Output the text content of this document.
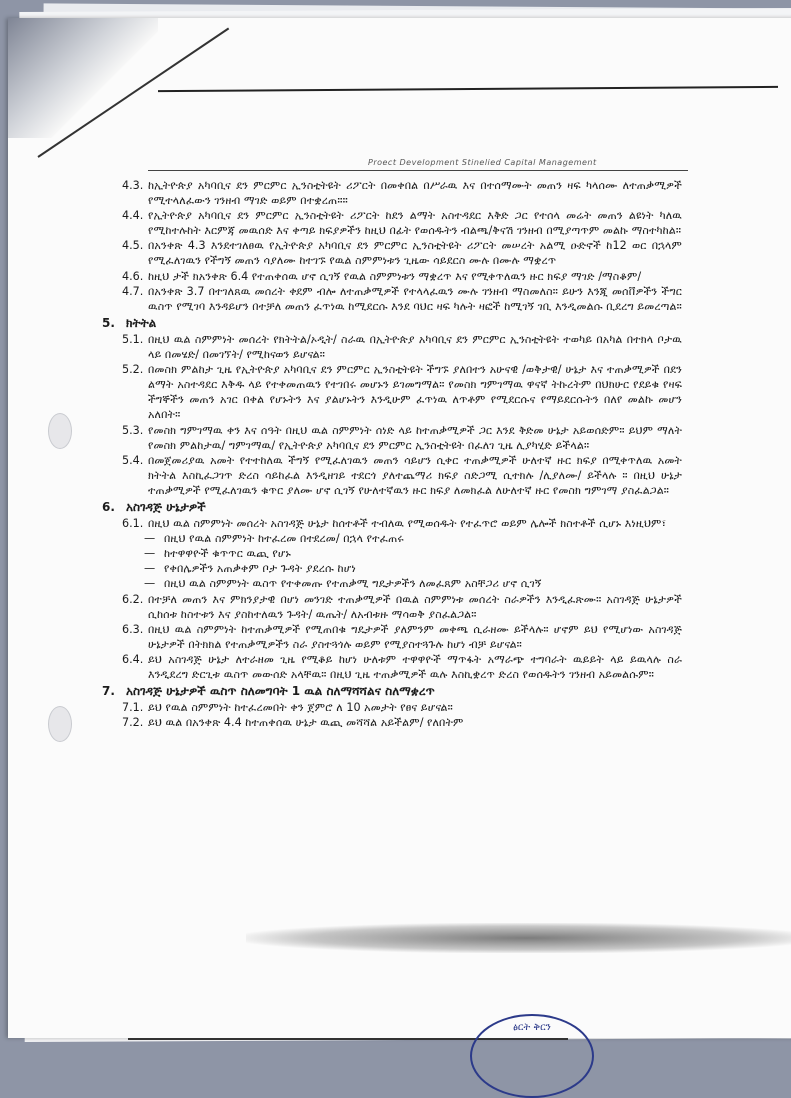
Proect Development Stinelied Capital Management
ፅርት ቅርን
4.3. ከኢትዮጵያ አካባቢና ደን ምርምር ኢንስቲትዩት ሪፖርት በመቀበል በሥራዉ እና በተሰማሙት መጠን ዛፍ ካላሰሙ ለተጠቃሚዎች የሚተላለፈውን ገንዘብ ማገድ ወይም በተቋረጠ።።
4.4. የኢትዮጵያ አካባቢና ደን ምርምር ኢንስቲትዩት ሪፖርት ከደን ልማት አስተዳደር እቅድ ጋር የተሰላ መሬት መጠን ልዩነት ካለዉ የሚከተሉከት እርምጃ መዉሰድ እና ቀጣይ ክፍያዎችን ከዚህ በፊት የወሰዱትን ብልጫ/ቅናሽ ገንዘብ በሚያጣጥም መልኩ ማስተካከል።
4.5. በአንቀጽ 4.3 እንደተገለፀዉ የኢትዮጵያ አካባቢና ደን ምርምር ኢንስቲትዩት ሪፖርት መሠረት አልሚ ዑድኖች ከ12 ወር በኋላም የሚፈለገዉን የችግኝ መጠን ሳያለሙ ከተገኙ የዉል ስምምነቱን ጊዜው ሳይደርስ ሙሉ በሙሉ ማቋረጥ
4.6. ከዚህ ታች ክአንቀጽ 6.4 የተጠቀሰዉ ሆኖ ሲገኝ የዉል ስምምነቱን ማቋረጥ እና የሚቀጥለዉን ዙር ክፍያ ማገድ /ማስቆም/
4.7. በአንቀጽ 3.7 በተገለጸዉ መሰረት ቀደም ብሎ ለተጠቃሚዎች የተላላፈዉን ሙሉ ገንዘብ ማስመለስ። ይሁን እንጂ መሰቨዎችን ችግር ዉስጥ የሚገባ እንዳይሆን በተቻለ መጠን ፈጥነዉ ከሚደርሱ እንደ ባህር ዛፍ ካሉት ዛፎች ከሚገኝ ገቢ እንዲመልሱ ቢደረግ ይመረጣል።
5. ክትትል
5.1. በዚህ ዉል ስምምነት መሰረት የክትትል/ኦዲት/ ስራዉ በኢትዮጵያ አካባቢና ደን ምርምር ኢንስቲትዩት ተወካይ በአካል በተክላ ቦታዉ ላይ በመሄድ/ በመገኘት/ የሚከናወን ይሆናል።
5.2. በመስክ ምልከታ ጊዜ የኢትዮጵያ አካባቢና ደን ምርምር ኢንስቲትዩት ችግኙ ያለበተን አሁናዊ /ወቅታዊ/ ሁኔታ እና ተጠቃሚዎች በደን ልማት አስተዳደር እቅዱ ላይ የተቀመጠዉን የተገበሩ መሆኑን ይገመግማል። የመስክ ግምገማዉ ዋናኛ ትኩረትም በህክሁር የደይቁ የዛፍ ችግኞችን መጠን አገር በቀል የሆኑትን እና ያልሆኑትን እንዲሁም ፈጥነዉ ለጥቶም የሚደርሱና የማይደርሱትን በለየ መልኩ መሆን አለበት።
5.3. የመስክ ግምገማዉ ቀን እና ሰዓት በዚህ ዉል ስምምነት ሰነድ ላይ ከተጠቃሚዎች ጋር እንደ ቅድመ ሁኔታ አይወሰድም። ይህም ማለት የመስክ ምልከታዉ/ ግምገማዉ/ የኢትዮጵያ አካባቢና ደን ምርምር ኢንስቲትዩት በፈለገ ጊዜ ሊያካሂድ ይችላል።
5.4. በመጀመሪያዉ አመት የተተከለዉ ችግኝ የሚፈለገዉን መጠን ሳይሆን ሲቀር ተጠቃሚዎች ሁለተኛ ዙር ክፍያ በሚቀጥለዉ አመት ክትትል እስኪፈጋገጥ ድረስ ሳይከፈል እንዲዘገይ ተደርጎ ያለተጨማሪ ክፍያ ስድጋሚ ሲተክሉ /ሊያለሙ/ ይችላሉ ። በዚህ ሁኔታ ተጠቃሚዎች የሚፈለገዉን ቁጥር ያለሙ ሆኖ ሲገኝ የሁለተኛዉን ዙር ክፍያ ለመክፈል ለሁለተኛ ዙር የመስክ ግምገማ ያስፈልጋል።
6. አስገዳጅ ሁኔታዎች
6.1. በዚህ ዉል ስምምነት መሰረት አስገዳጅ ሁኔታ ከሰተቶች ተብለዉ የሚወሰዱት የተፈጥሮ ወይም ሌሎች ክስተቶች ሲሆኑ እነዚህም፣
— በዚህ የዉል ስምምነት ከተፈረመ በተደረመ/ በኋላ የተፈጠሩ
— ከተዋዋዮች ቁጥጥር ዉጪ የሆኑ
— የቀበሌዎችን አጠቃቀም ቦታ ጉዳት ያደረሱ ከሆነ
— በዚህ ዉል ስምምነት ዉስጥ የተቀመጡ የተጠቃሚ ግዴታዎችን ለመፈጸም አስቸጋሪ ሆኖ ሲገኝ
6.2. በተቻለ መጠን እና ምክንያታዊ በሆነ መንገድ ተጠቃሚዎች በዉል ስምምነቱ መሰረት ስራዎችን እንዲፈጽሙ። አስገዳጅ ሁኔታዎች ሲከሰቱ ከስተቱን እና ያስከተለዉን ጉዳት/ ዉጤት/ ለአብቱዙ ማሳወቅ ያስፈልጋል።
6.3. በዚህ ዉል ስምምነት ከተጠቃሚዎች የሚጠበቁ ግዴታዎች ያለምንም መቀጫ ሲራዘሙ ይችላሉ። ሆኖም ይህ የሚሆነው አስገዳጅ ሁኔታዎች በትክክል የተጠቃሚዎችን ስራ ያስተጓጎሉ ወይም የሚያስተጓጉሉ ከሆነ ብቻ ይሆናል።
6.4. ይህ አስገዳጅ ሁኔታ ለተራዘመ ጊዜ የሚቆይ ከሆነ ሁለቱም ተዋዋዮች ማጥፋት አማራጭ ተግባራት ዉይይት ላይ ይዉላሉ ስራ እንዲደረግ ድርጊቱ ዉስጥ መውሰድ አላቸዉ። በዚህ ጊዜ ተጠቃሚዎች ዉሉ እስኪቋረጥ ድረስ የወሰዱትን ገንዘብ አይመልሱም።
7. አስገዳጅ ሁኔታዎች ዉስጥ ስለመግባት 1 ዉል ስለማሻሻልና ስለማቋረጥ
7.1. ይህ የዉል ስምምነት ከተፈረመበት ቀን ጀምሮ ለ 10 አመታት የፀና ይሆናል።
7.2. ይህ ዉል በአንቀጽ 4.4 ከተጠቀሰዉ ሁኔታ ዉጪ መሻሻል አይችልም/ የለበትም
